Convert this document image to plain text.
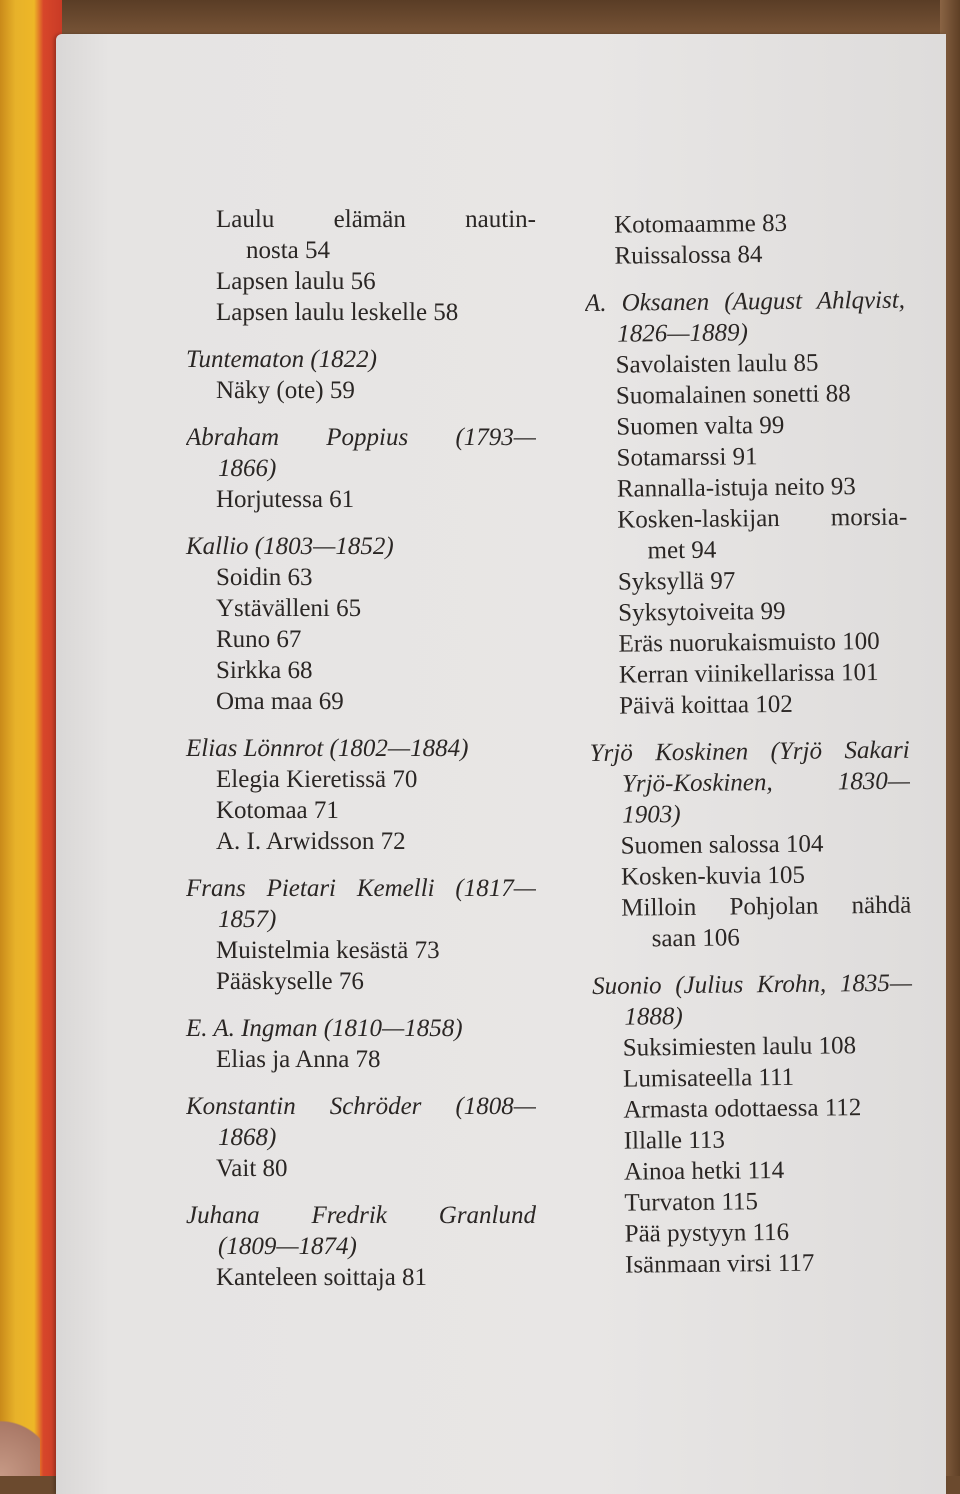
Laulu elämän nautin-
nosta 54
Lapsen laulu 56
Lapsen laulu leskelle 58
Tuntematon (1822)
Näky (ote) 59
Abraham Poppius (1793—
1866)
Horjutessa 61
Kallio (1803—1852)
Soidin 63
Ystävälleni 65
Runo 67
Sirkka 68
Oma maa 69
Elias Lönnrot (1802—1884)
Elegia Kieretissä 70
Kotomaa 71
A. I. Arwidsson 72
Frans Pietari Kemelli (1817—
1857)
Muistelmia kesästä 73
Pääskyselle 76
E. A. Ingman (1810—1858)
Elias ja Anna 78
Konstantin Schröder (1808—
1868)
Vait 80
Juhana Fredrik Granlund
(1809—1874)
Kanteleen soittaja 81
Kotomaamme 83
Ruissalossa 84
A. Oksanen (August Ahlqvist,
1826—1889)
Savolaisten laulu 85
Suomalainen sonetti 88
Suomen valta 99
Sotamarssi 91
Rannalla-istuja neito 93
Kosken-laskijan morsia-
met 94
Syksyllä 97
Syksytoiveita 99
Eräs nuorukaismuisto 100
Kerran viinikellarissa 101
Päivä koittaa 102
Yrjö Koskinen (Yrjö Sakari
Yrjö-Koskinen, 1830—
1903)
Suomen salossa 104
Kosken-kuvia 105
Milloin Pohjolan nähdä
saan 106
Suonio (Julius Krohn, 1835—
1888)
Suksimiesten laulu 108
Lumisateella 111
Armasta odottaessa 112
Illalle 113
Ainoa hetki 114
Turvaton 115
Pää pystyyn 116
Isänmaan virsi 117
